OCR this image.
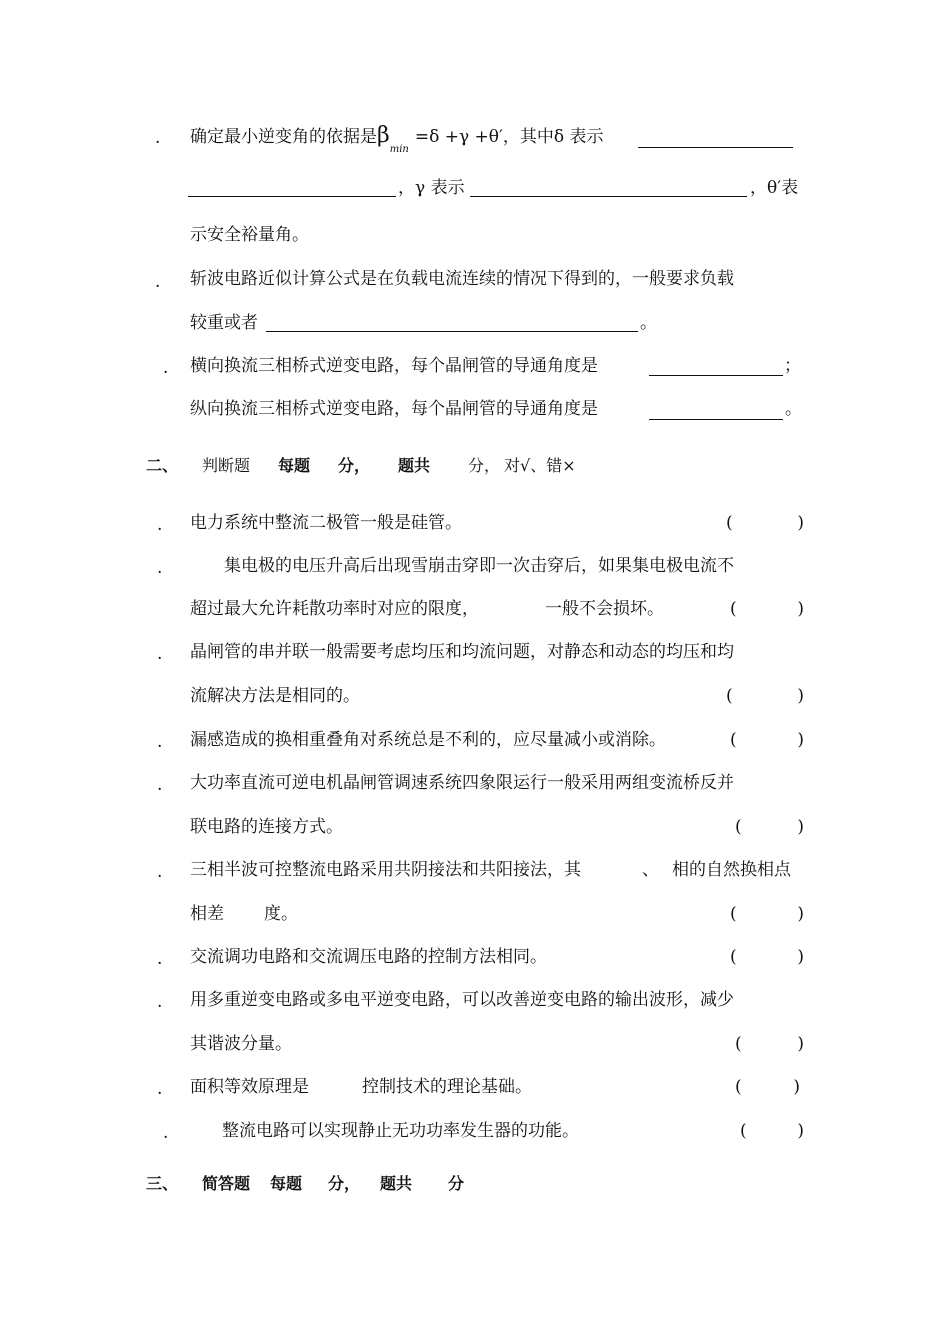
. 确定最小逆变角的依据是$\beta_{min}=\delta +\gamma +\theta'$，其中δ 表示
，γ 表示	，θ′表
示安全裕量角。
. 斩波电路近似计算公式是在负载电流连续的情况下得到的，一般要求负载
较重或者	。
. 横向换流三相桥式逆变电路，每个晶闸管的导通角度是	；
纵向换流三相桥式逆变电路，每个晶闸管的导通角度是	。
二、 判断题 每题 分， 题共 分， 对√、错×
. 电力系统中整流二极管一般是硅管。	(	)
.	集电极的电压升高后出现雪崩击穿即一次击穿后，如果集电极电流不
超过最大允许耗散功率时对应的限度，	一般不会损坏。	(	)
. 晶闸管的串并联一般需要考虑均压和均流问题，对静态和动态的均压和均
流解决方法是相同的。	(	)
. 漏感造成的换相重叠角对系统总是不利的，应尽量减小或消除。	(	)
. 大功率直流可逆电机晶闸管调速系统四象限运行一般采用两组变流桥反并
联电路的连接方式。	(	)
. 三相半波可控整流电路采用共阴接法和共阳接法，其	、 相的自然换相点
相差 度。	(	)
. 交流调功电路和交流调压电路的控制方法相同。	(	)
. 用多重逆变电路或多电平逆变电路，可以改善逆变电路的输出波形，减少
其谐波分量。	(	)
. 面积等效原理是	控制技术的理论基础。	(	)
.	整流电路可以实现静止无功功率发生器的功能。	(	)
三、 简答题 每题 分， 题共 分
